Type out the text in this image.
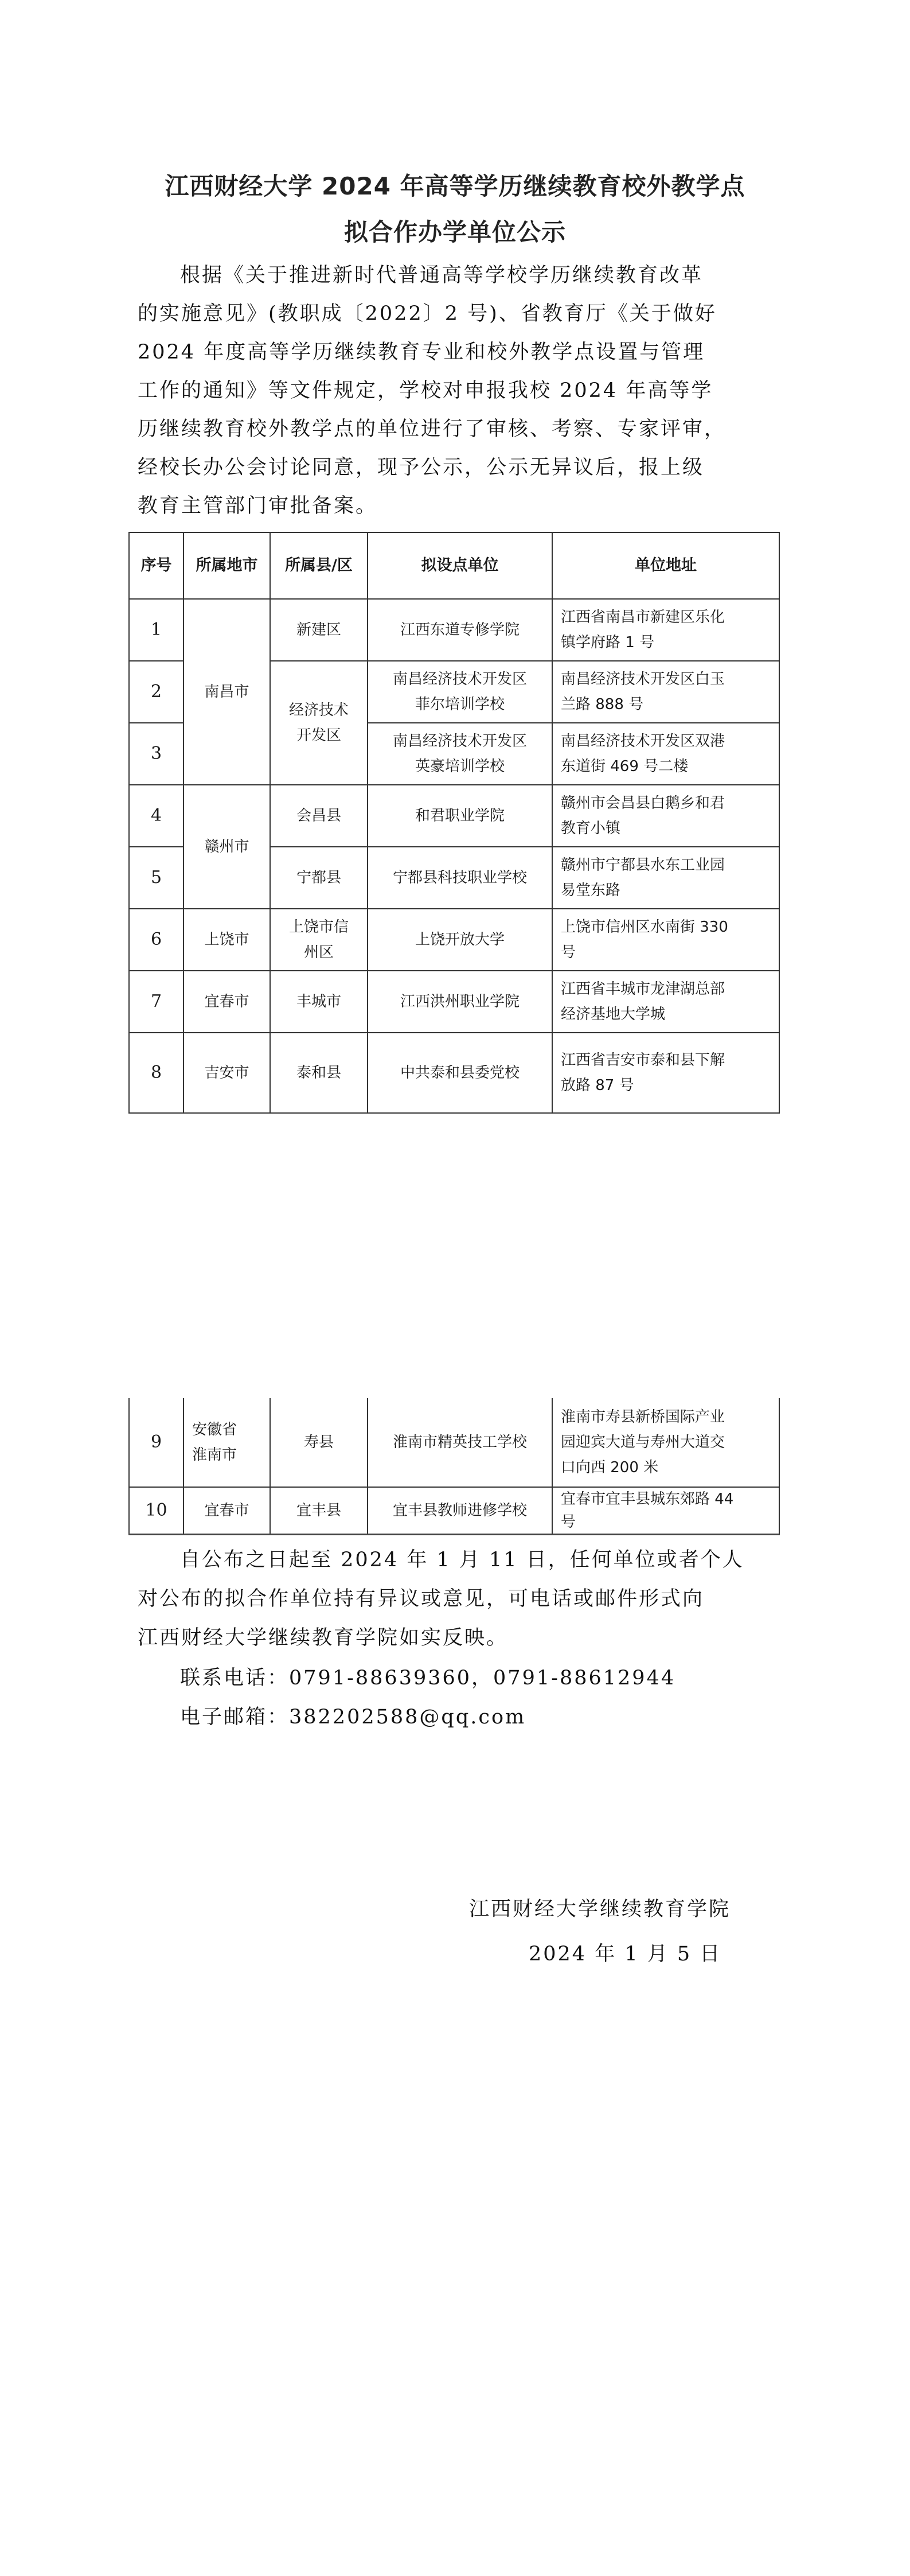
江西财经大学 2024 年高等学历继续教育校外教学点
拟合作办学单位公示
根据《关于推进新时代普通高等学校学历继续教育改革
的实施意见》(教职成〔2022〕2 号)、省教育厅《关于做好
2024 年度高等学历继续教育专业和校外教学点设置与管理
工作的通知》等文件规定，学校对申报我校 2024 年高等学
历继续教育校外教学点的单位进行了审核、考察、专家评审，
经校长办公会讨论同意，现予公示，公示无异议后，报上级
教育主管部门审批备案。
序号	所属地市	所属县/区	拟设点单位	单位地址
1	南昌市	新建区	江西东道专修学院	江西省南昌市新建区乐化
镇学府路 1 号
2		经济技术
开发区	南昌经济技术开发区
菲尔培训学校	南昌经济技术开发区白玉
兰路 888 号
3			南昌经济技术开发区
英豪培训学校	南昌经济技术开发区双港
东道街 469 号二楼
4	赣州市	会昌县	和君职业学院	赣州市会昌县白鹅乡和君
教育小镇
5		宁都县	宁都县科技职业学校	赣州市宁都县水东工业园
易堂东路
6	上饶市	上饶市信
州区	上饶开放大学	上饶市信州区水南街 330
号
7	宜春市	丰城市	江西洪州职业学院	江西省丰城市龙津湖总部
经济基地大学城
8	吉安市	泰和县	中共泰和县委党校	江西省吉安市泰和县下解
放路 87 号
9	安徽省
淮南市	寿县	淮南市精英技工学校	淮南市寿县新桥国际产业
园迎宾大道与寿州大道交
口向西 200 米
10	宜春市	宜丰县	宜丰县教师进修学校	宜春市宜丰县城东郊路 44
号
自公布之日起至 2024 年 1 月 11 日，任何单位或者个人
对公布的拟合作单位持有异议或意见，可电话或邮件形式向
江西财经大学继续教育学院如实反映。
联系电话：0791-88639360，0791-88612944
电子邮箱：382202588@qq.com
江西财经大学继续教育学院
2024 年 1 月 5 日
